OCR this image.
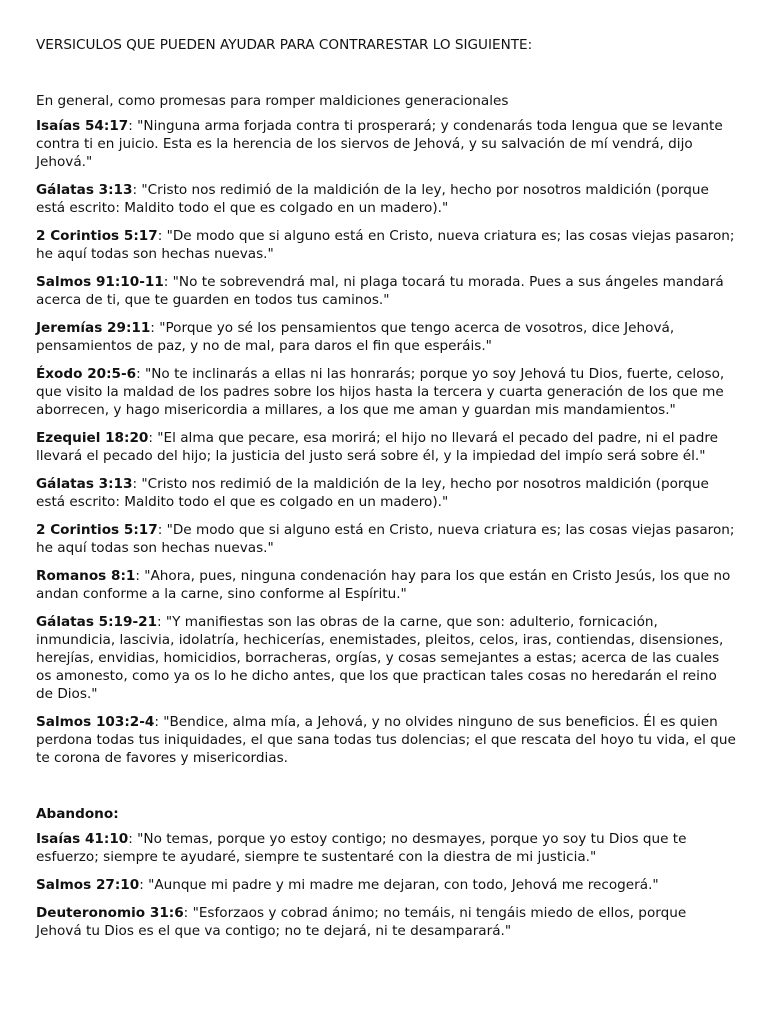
VERSICULOS QUE PUEDEN AYUDAR PARA CONTRARESTAR LO SIGUIENTE:

En general, como promesas para romper maldiciones generacionales

Isaías 54:17: "Ninguna arma forjada contra ti prosperará; y condenarás toda lengua que se levante contra ti en juicio. Esta es la herencia de los siervos de Jehová, y su salvación de mí vendrá, dijo Jehová."

Gálatas 3:13: "Cristo nos redimió de la maldición de la ley, hecho por nosotros maldición (porque está escrito: Maldito todo el que es colgado en un madero)."

2 Corintios 5:17: "De modo que si alguno está en Cristo, nueva criatura es; las cosas viejas pasaron; he aquí todas son hechas nuevas."

Salmos 91:10-11: "No te sobrevendrá mal, ni plaga tocará tu morada. Pues a sus ángeles mandará acerca de ti, que te guarden en todos tus caminos."

Jeremías 29:11: "Porque yo sé los pensamientos que tengo acerca de vosotros, dice Jehová, pensamientos de paz, y no de mal, para daros el fin que esperáis."

Éxodo 20:5-6: "No te inclinarás a ellas ni las honrarás; porque yo soy Jehová tu Dios, fuerte, celoso, que visito la maldad de los padres sobre los hijos hasta la tercera y cuarta generación de los que me aborrecen, y hago misericordia a millares, a los que me aman y guardan mis mandamientos."

Ezequiel 18:20: "El alma que pecare, esa morirá; el hijo no llevará el pecado del padre, ni el padre llevará el pecado del hijo; la justicia del justo será sobre él, y la impiedad del impío será sobre él."

Gálatas 3:13: "Cristo nos redimió de la maldición de la ley, hecho por nosotros maldición (porque está escrito: Maldito todo el que es colgado en un madero)."

2 Corintios 5:17: "De modo que si alguno está en Cristo, nueva criatura es; las cosas viejas pasaron; he aquí todas son hechas nuevas."

Romanos 8:1: "Ahora, pues, ninguna condenación hay para los que están en Cristo Jesús, los que no andan conforme a la carne, sino conforme al Espíritu."

Gálatas 5:19-21: "Y manifiestas son las obras de la carne, que son: adulterio, fornicación, inmundicia, lascivia, idolatría, hechicerías, enemistades, pleitos, celos, iras, contiendas, disensiones, herejías, envidias, homicidios, borracheras, orgías, y cosas semejantes a estas; acerca de las cuales os amonesto, como ya os lo he dicho antes, que los que practican tales cosas no heredarán el reino de Dios."

Salmos 103:2-4: "Bendice, alma mía, a Jehová, y no olvides ninguno de sus beneficios. Él es quien perdona todas tus iniquidades, el que sana todas tus dolencias; el que rescata del hoyo tu vida, el que te corona de favores y misericordias.

Abandono:

Isaías 41:10: "No temas, porque yo estoy contigo; no desmayes, porque yo soy tu Dios que te esfuerzo; siempre te ayudaré, siempre te sustentaré con la diestra de mi justicia."

Salmos 27:10: "Aunque mi padre y mi madre me dejaran, con todo, Jehová me recogerá."

Deuteronomio 31:6: "Esforzaos y cobrad ánimo; no temáis, ni tengáis miedo de ellos, porque Jehová tu Dios es el que va contigo; no te dejará, ni te desamparará."
